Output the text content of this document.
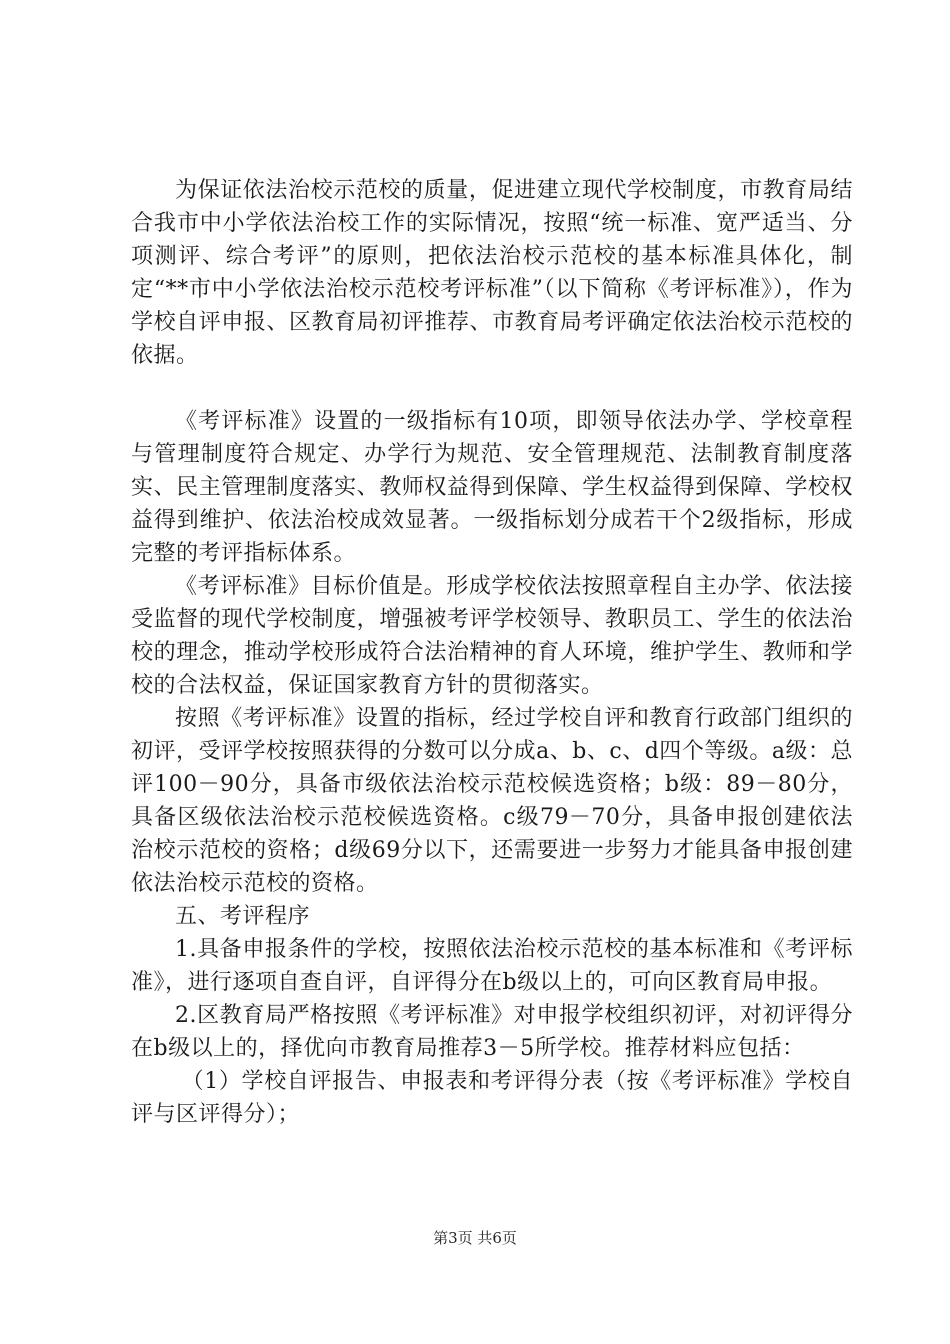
为保证依法治校示范校的质量，促进建立现代学校制度，市教育局结合我市中小学依法治校工作的实际情况，按照“统一标准、宽严适当、分项测评、综合考评”的原则，把依法治校示范校的基本标准具体化，制定“**市中小学依法治校示范校考评标准”（以下简称《考评标准》），作为学校自评申报、区教育局初评推荐、市教育局考评确定依法治校示范校的依据。

《考评标准》设置的一级指标有10项，即领导依法办学、学校章程与管理制度符合规定、办学行为规范、安全管理规范、法制教育制度落实、民主管理制度落实、教师权益得到保障、学生权益得到保障、学校权益得到维护、依法治校成效显著。一级指标划分成若干个2级指标，形成完整的考评指标体系。

《考评标准》目标价值是。形成学校依法按照章程自主办学、依法接受监督的现代学校制度，增强被考评学校领导、教职员工、学生的依法治校的理念，推动学校形成符合法治精神的育人环境，维护学生、教师和学校的合法权益，保证国家教育方针的贯彻落实。

按照《考评标准》设置的指标，经过学校自评和教育行政部门组织的初评，受评学校按照获得的分数可以分成a、b、c、d四个等级。a级：总评100－90分，具备市级依法治校示范校候选资格；b级：89－80分，具备区级依法治校示范校候选资格。c级79－70分，具备申报创建依法治校示范校的资格；d级69分以下，还需要进一步努力才能具备申报创建依法治校示范校的资格。

五、考评程序

1.具备申报条件的学校，按照依法治校示范校的基本标准和《考评标准》，进行逐项自查自评，自评得分在b级以上的，可向区教育局申报。

2.区教育局严格按照《考评标准》对申报学校组织初评，对初评得分在b级以上的，择优向市教育局推荐3－5所学校。推荐材料应包括：

（1）学校自评报告、申报表和考评得分表（按《考评标准》学校自评与区评得分）；

第3页 共6页
